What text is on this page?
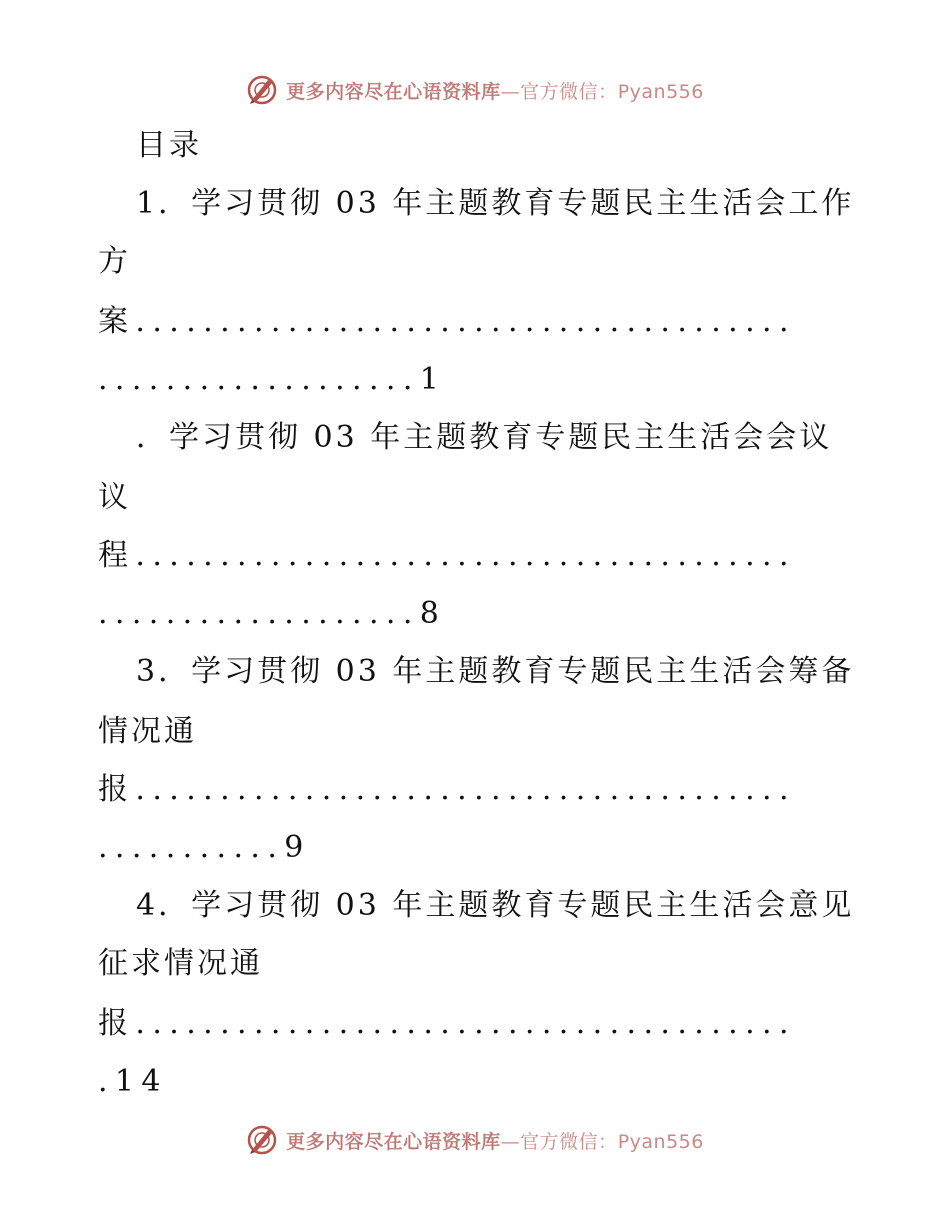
更多内容尽在心语资料库—官方微信：Pyan556
目录
1．学习贯彻 03 年主题教育专题民主生活会工作
方
案.......................................
...................1
．学习贯彻 03 年主题教育专题民主生活会会议
议
程.......................................
...................8
3．学习贯彻 03 年主题教育专题民主生活会筹备
情况通
报.......................................
...........9
4．学习贯彻 03 年主题教育专题民主生活会意见
征求情况通
报.......................................
.14
更多内容尽在心语资料库—官方微信：Pyan556
